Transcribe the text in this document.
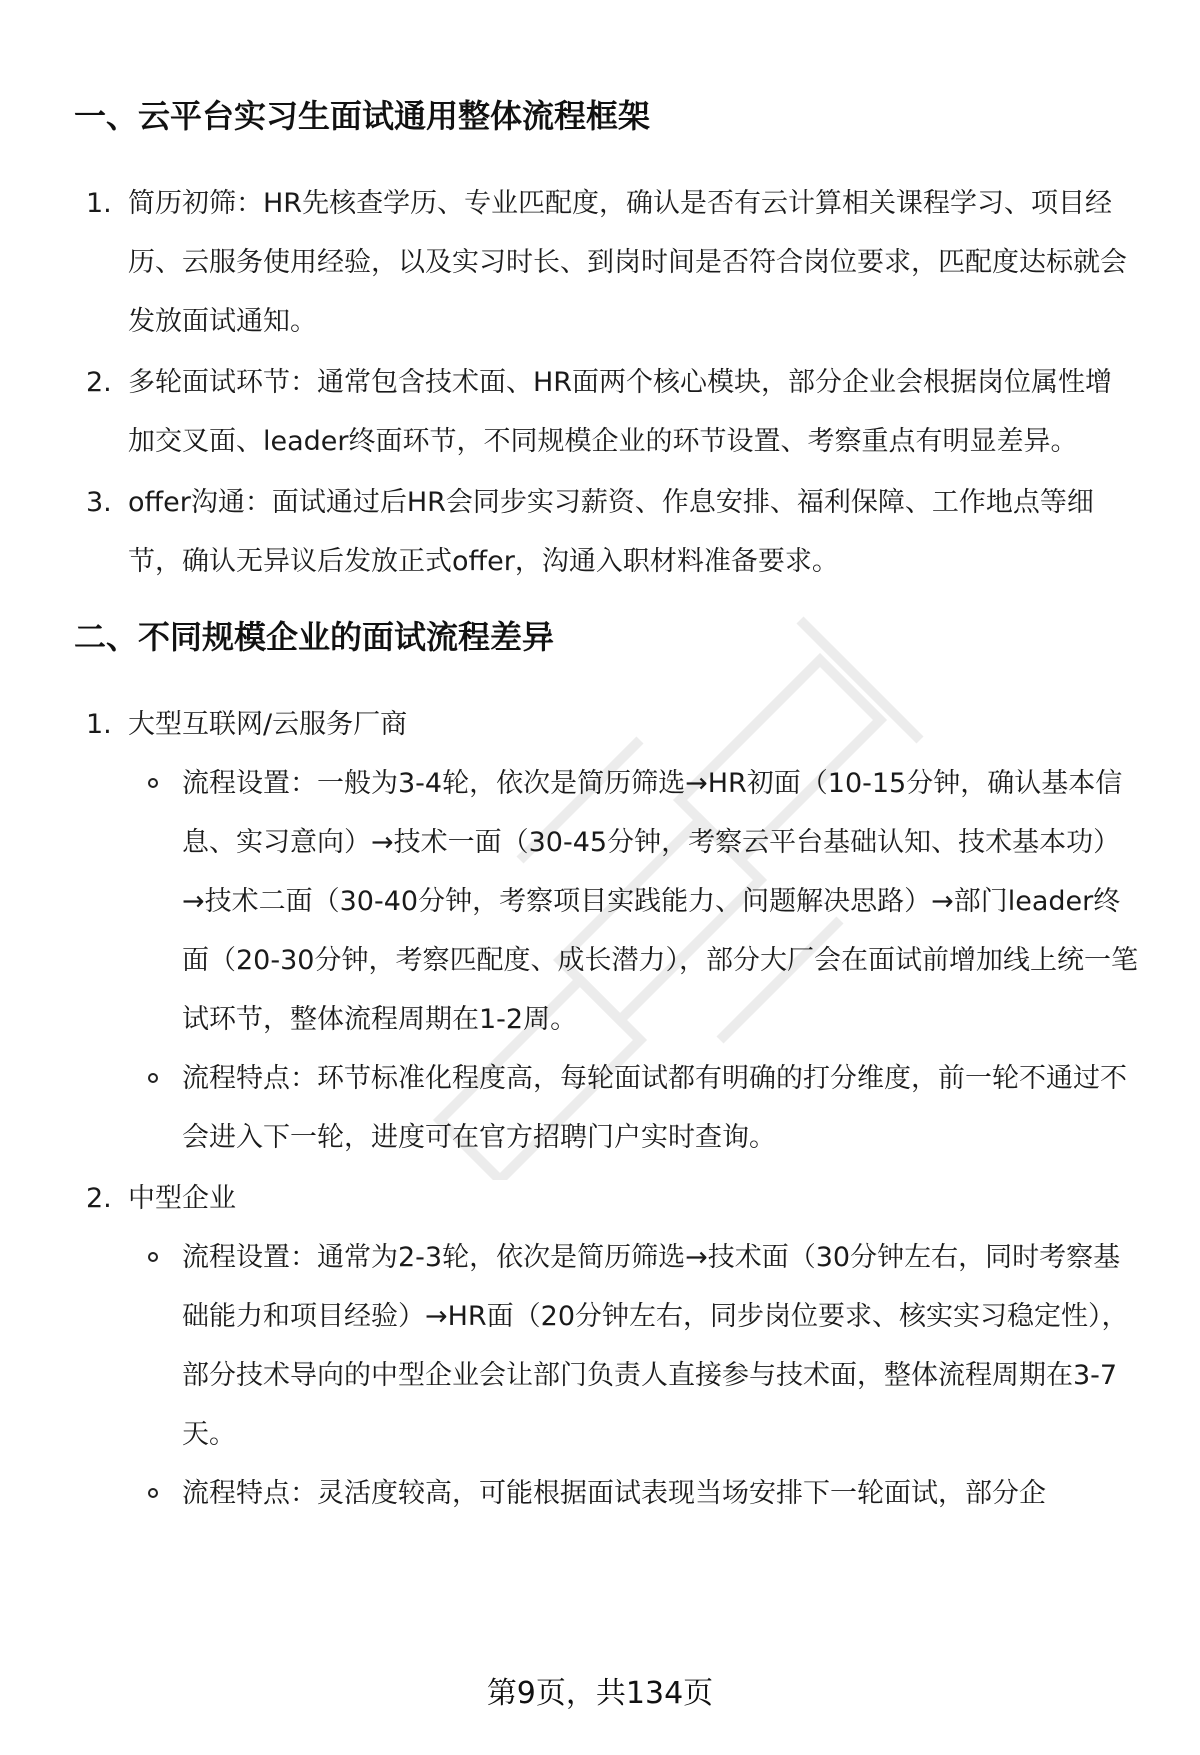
一、云平台实习生面试通用整体流程框架
1. 简历初筛：HR先核查学历、专业匹配度，确认是否有云计算相关课程学习、项目经历、云服务使用经验，以及实习时长、到岗时间是否符合岗位要求，匹配度达标就会发放面试通知。
2. 多轮面试环节：通常包含技术面、HR面两个核心模块，部分企业会根据岗位属性增加交叉面、leader终面环节，不同规模企业的环节设置、考察重点有明显差异。
3. offer沟通：面试通过后HR会同步实习薪资、作息安排、福利保障、工作地点等细节，确认无异议后发放正式offer，沟通入职材料准备要求。
二、不同规模企业的面试流程差异
1. 大型互联网/云服务厂商
流程设置：一般为3-4轮，依次是简历筛选→HR初面（10-15分钟，确认基本信息、实习意向）→技术一面（30-45分钟，考察云平台基础认知、技术基本功）→技术二面（30-40分钟，考察项目实践能力、问题解决思路）→部门leader终面（20-30分钟，考察匹配度、成长潜力），部分大厂会在面试前增加线上统一笔试环节，整体流程周期在1-2周。
流程特点：环节标准化程度高，每轮面试都有明确的打分维度，前一轮不通过不会进入下一轮，进度可在官方招聘门户实时查询。
2. 中型企业
流程设置：通常为2-3轮，依次是简历筛选→技术面（30分钟左右，同时考察基础能力和项目经验）→HR面（20分钟左右，同步岗位要求、核实实习稳定性），部分技术导向的中型企业会让部门负责人直接参与技术面，整体流程周期在3-7天。
流程特点：灵活度较高，可能根据面试表现当场安排下一轮面试，部分企
第9页，共134页
